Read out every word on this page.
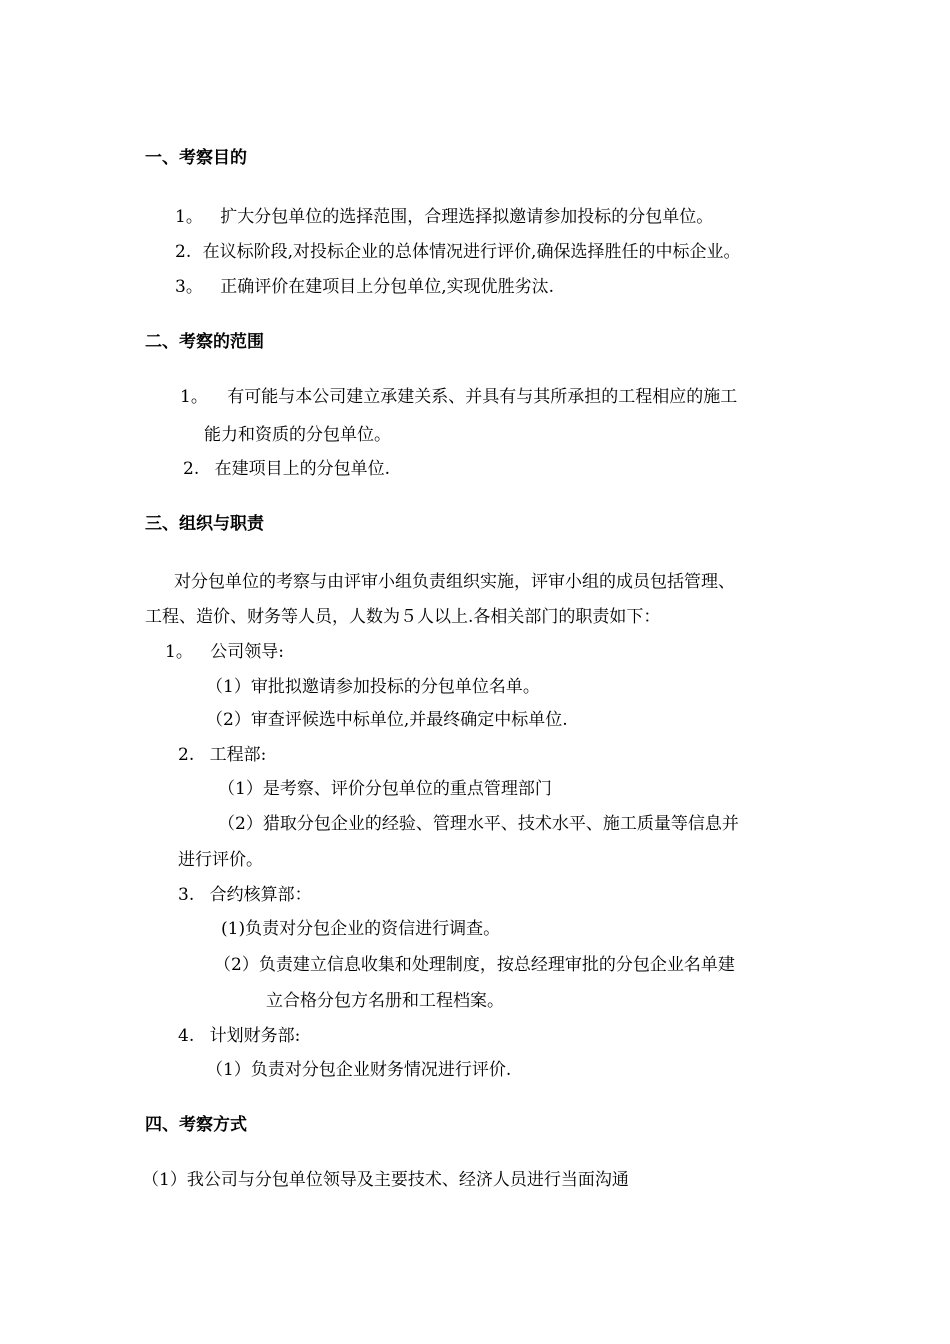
一、考察目的
1。 扩大分包单位的选择范围，合理选择拟邀请参加投标的分包单位。
2. 在议标阶段,对投标企业的总体情况进行评价,确保选择胜任的中标企业。
3。 正确评价在建项目上分包单位,实现优胜劣汰.
二、考察的范围
1。 有可能与本公司建立承建关系、并具有与其所承担的工程相应的施工
能力和资质的分包单位。
2. 在建项目上的分包单位.
三、组织与职责
对分包单位的考察与由评审小组负责组织实施，评审小组的成员包括管理、
工程、造价、财务等人员，人数为５人以上.各相关部门的职责如下：
1。 公司领导:
（1）审批拟邀请参加投标的分包单位名单。
（2）审查评候选中标单位,并最终确定中标单位.
2. 工程部:
（1）是考察、评价分包单位的重点管理部门
（2）猎取分包企业的经验、管理水平、技术水平、施工质量等信息并
进行评价。
3. 合约核算部：
(1)负责对分包企业的资信进行调查。
（2）负责建立信息收集和处理制度，按总经理审批的分包企业名单建
立合格分包方名册和工程档案。
4. 计划财务部:
（1）负责对分包企业财务情况进行评价.
四、考察方式
（1）我公司与分包单位领导及主要技术、经济人员进行当面沟通
